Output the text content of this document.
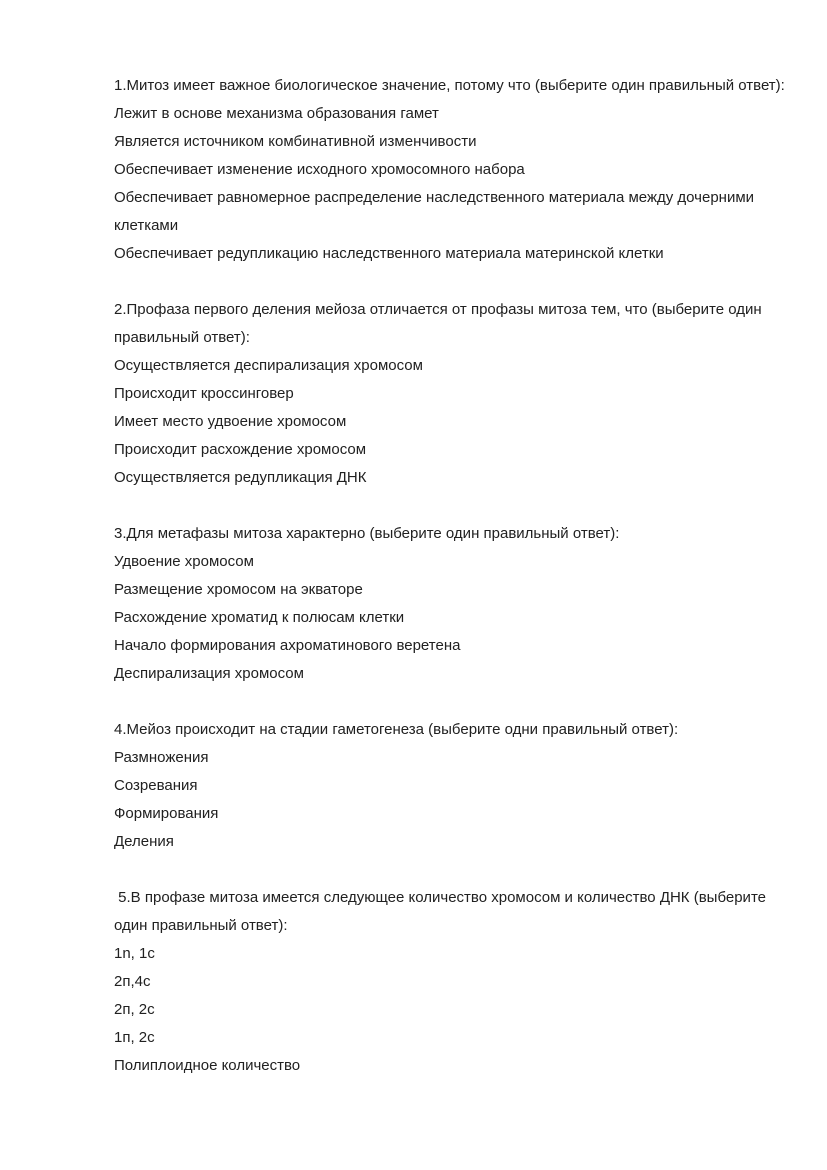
1.Митоз имеет важное биологическое значение, потому что (выберите один правильный ответ):

Лежит в основе механизма образования гамет

Является источником комбинативной изменчивости

Обеспечивает изменение исходного хромосомного набора

Обеспечивает равномерное распределение наследственного материала между дочерними клетками

Обеспечивает редупликацию наследственного материала материнской клетки

2.Профаза первого деления мейоза отличается от профазы митоза тем, что (выберите один правильный ответ):

Осуществляется деспирализация хромосом

Происходит кроссинговер

Имеет место удвоение хромосом

Происходит расхождение хромосом

Осуществляется редупликация ДНК

3.Для метафазы митоза характерно (выберите один правильный ответ):

Удвоение хромосом

Размещение хромосом на экваторе

Расхождение хроматид к полюсам клетки

Начало формирования ахроматинового веретена

Деспирализация хромосом

4.Мейоз происходит на стадии гаметогенеза (выберите одни правильный ответ):

Размножения

Созревания

Формирования

Деления

5.В профазе митоза имеется следующее количество хромосом и количество ДНК (выберите один правильный ответ):

1n, 1c

2п,4с

2п, 2с

1п, 2с

Полиплоидное количество
